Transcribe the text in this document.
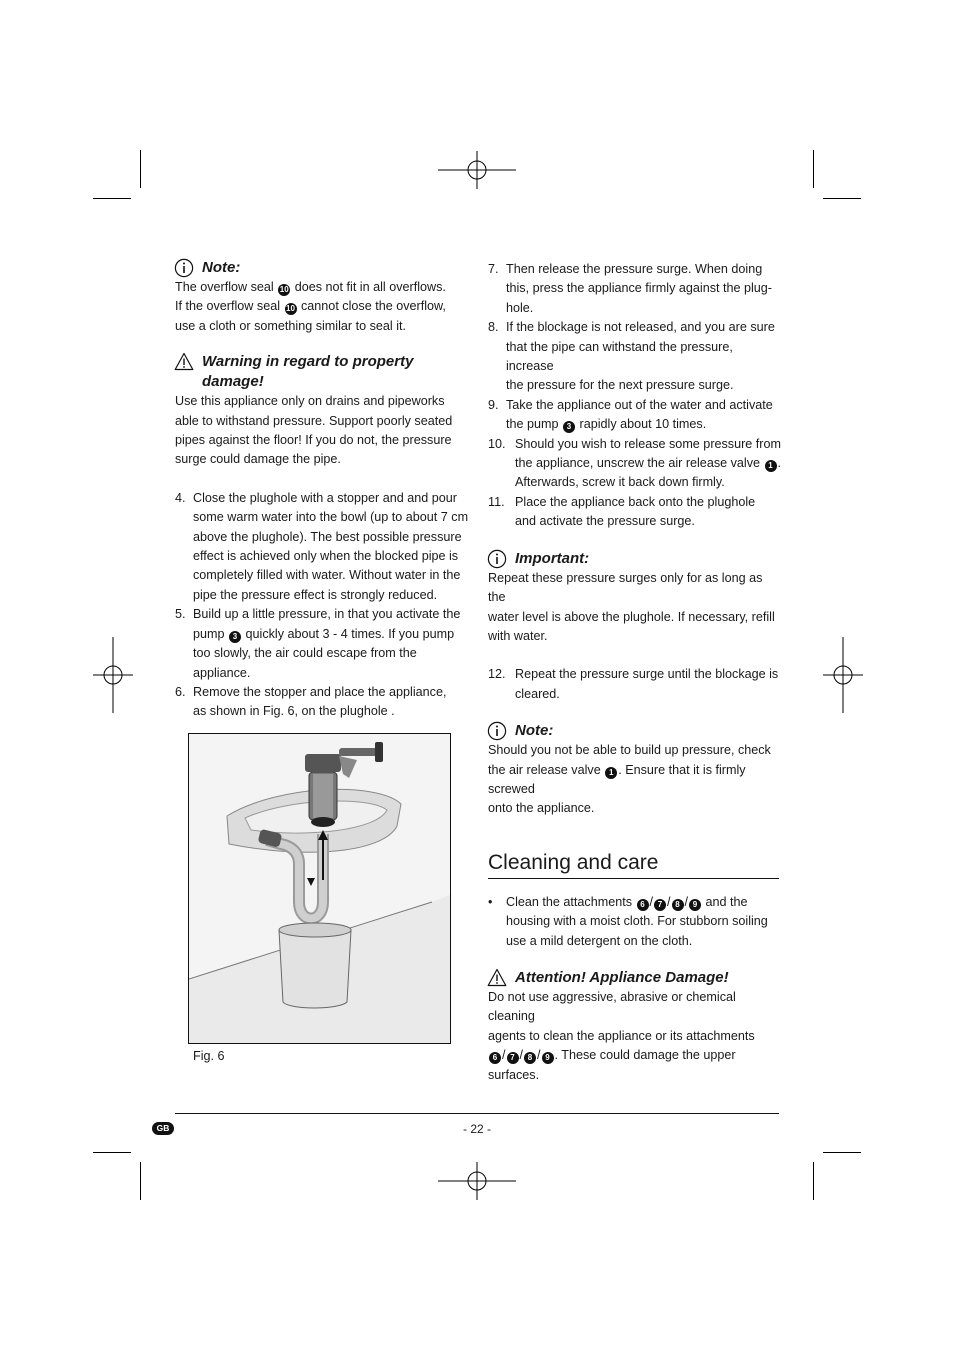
Note:

The overflow seal 10 does not fit in all overflows.
If the overflow seal 10 cannot close the overflow,
use a cloth or something similar to seal it.

Warning in regard to property
damage!

Use this appliance only on drains and pipeworks
able to withstand pressure. Support poorly seated
pipes against the floor! If you do not, the pressure
surge could damage the pipe.

4. Close the plughole with a stopper and and pour
some warm water into the bowl (up to about 7 cm
above the plughole). The best possible pressure
effect is achieved only when the blocked pipe is
completely filled with water. Without water in the
pipe the pressure effect is strongly reduced.
5. Build up a little pressure, in that you activate the
pump 3 quickly about 3 - 4 times. If you pump
too slowly, the air could escape from the
appliance.
6. Remove the stopper and place the appliance,
as shown in Fig. 6, on the plughole .
Fig. 6
7. Then release the pressure surge. When doing
this, press the appliance firmly against the plug-
hole.
8. If the blockage is not released, and you are sure
that the pipe can withstand the pressure, increase
the pressure for the next pressure surge.
9. Take the appliance out of the water and activate
the pump 3 rapidly about 10 times.
10. Should you wish to release some pressure from
the appliance, unscrew the air release valve 1 .
Afterwards, screw it back down firmly.
11. Place the appliance back onto the plughole
and activate the pressure surge.
Important:

Repeat these pressure surges only for as long as the
water level is above the plughole. If necessary, refill
with water.

12. Repeat the pressure surge until the blockage is
cleared.
Note:

Should you not be able to build up pressure, check
the air release valve 1 . Ensure that it is firmly screwed
onto the appliance.

Cleaning and care
•	Clean the attachments 6 / 7 / 8 / 9 and the
housing with a moist cloth. For stubborn soiling
use a mild detergent on the cloth.
Attention! Appliance Damage!

Do not use aggressive, abrasive or chemical cleaning
agents to clean the appliance or its attachments
6 / 7 / 8 / 9 . These could damage the upper
surfaces.

GB	- 22 -
